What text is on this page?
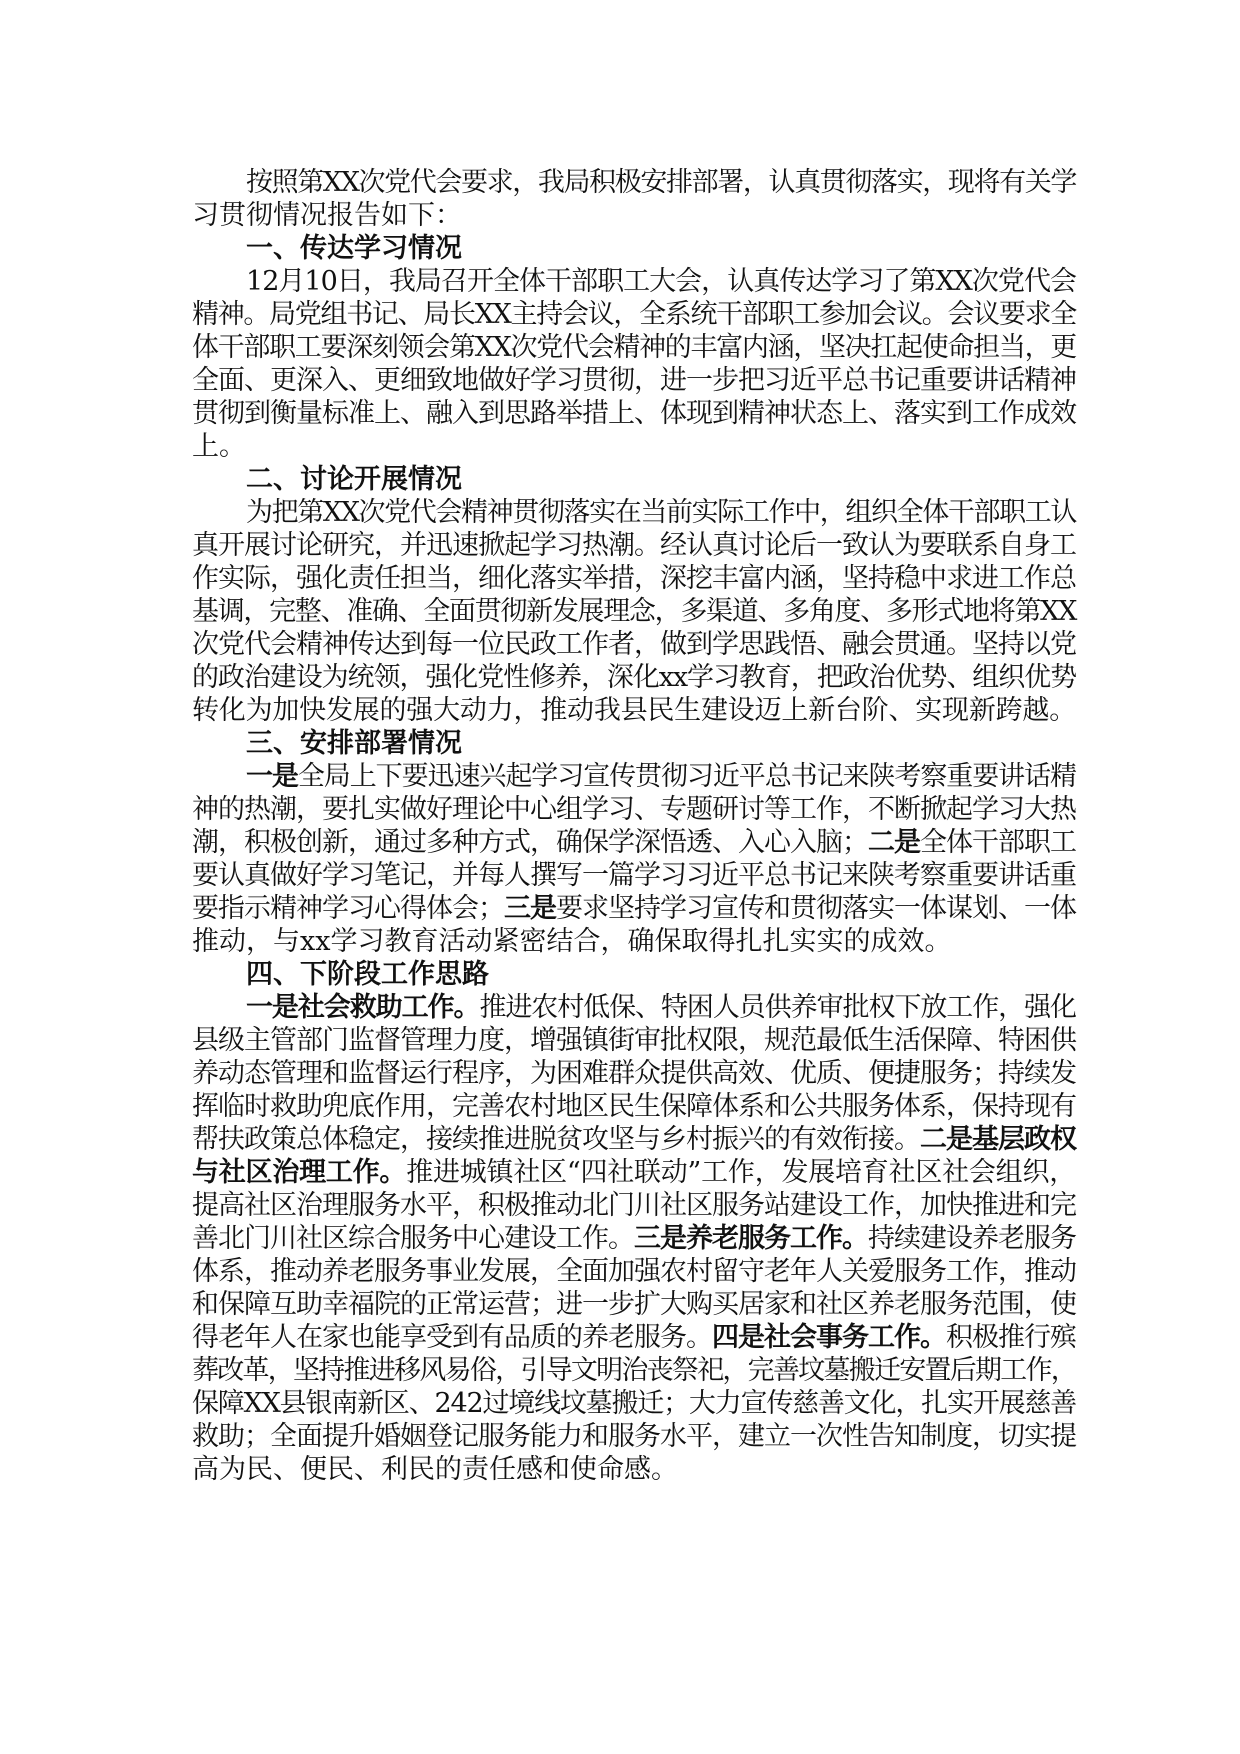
按照第XX次党代会要求，我局积极安排部署，认真贯彻落实，现将有关学
习贯彻情况报告如下：
一、传达学习情况
12月10日，我局召开全体干部职工大会，认真传达学习了第XX次党代会
精神。局党组书记、局长XX主持会议，全系统干部职工参加会议。会议要求全
体干部职工要深刻领会第XX次党代会精神的丰富内涵，坚决扛起使命担当，更
全面、更深入、更细致地做好学习贯彻，进一步把习近平总书记重要讲话精神
贯彻到衡量标准上、融入到思路举措上、体现到精神状态上、落实到工作成效
上。
二、讨论开展情况
为把第XX次党代会精神贯彻落实在当前实际工作中，组织全体干部职工认
真开展讨论研究，并迅速掀起学习热潮。经认真讨论后一致认为要联系自身工
作实际，强化责任担当，细化落实举措，深挖丰富内涵，坚持稳中求进工作总
基调，完整、准确、全面贯彻新发展理念，多渠道、多角度、多形式地将第XX
次党代会精神传达到每一位民政工作者，做到学思践悟、融会贯通。坚持以党
的政治建设为统领，强化党性修养，深化xx学习教育，把政治优势、组织优势
转化为加快发展的强大动力，推动我县民生建设迈上新台阶、实现新跨越。
三、安排部署情况
一是全局上下要迅速兴起学习宣传贯彻习近平总书记来陕考察重要讲话精
神的热潮，要扎实做好理论中心组学习、专题研讨等工作，不断掀起学习大热
潮，积极创新，通过多种方式，确保学深悟透、入心入脑；二是全体干部职工
要认真做好学习笔记，并每人撰写一篇学习习近平总书记来陕考察重要讲话重
要指示精神学习心得体会；三是要求坚持学习宣传和贯彻落实一体谋划、一体
推动，与xx学习教育活动紧密结合，确保取得扎扎实实的成效。
四、下阶段工作思路
一是社会救助工作。推进农村低保、特困人员供养审批权下放工作，强化
县级主管部门监督管理力度，增强镇街审批权限，规范最低生活保障、特困供
养动态管理和监督运行程序，为困难群众提供高效、优质、便捷服务；持续发
挥临时救助兜底作用，完善农村地区民生保障体系和公共服务体系，保持现有
帮扶政策总体稳定，接续推进脱贫攻坚与乡村振兴的有效衔接。二是基层政权
与社区治理工作。推进城镇社区“四社联动”工作，发展培育社区社会组织，
提高社区治理服务水平，积极推动北门川社区服务站建设工作，加快推进和完
善北门川社区综合服务中心建设工作。三是养老服务工作。持续建设养老服务
体系，推动养老服务事业发展，全面加强农村留守老年人关爱服务工作，推动
和保障互助幸福院的正常运营；进一步扩大购买居家和社区养老服务范围，使
得老年人在家也能享受到有品质的养老服务。四是社会事务工作。积极推行殡
葬改革，坚持推进移风易俗，引导文明治丧祭祀，完善坟墓搬迁安置后期工作，
保障XX县银南新区、242过境线坟墓搬迁；大力宣传慈善文化，扎实开展慈善
救助；全面提升婚姻登记服务能力和服务水平，建立一次性告知制度，切实提
高为民、便民、利民的责任感和使命感。
